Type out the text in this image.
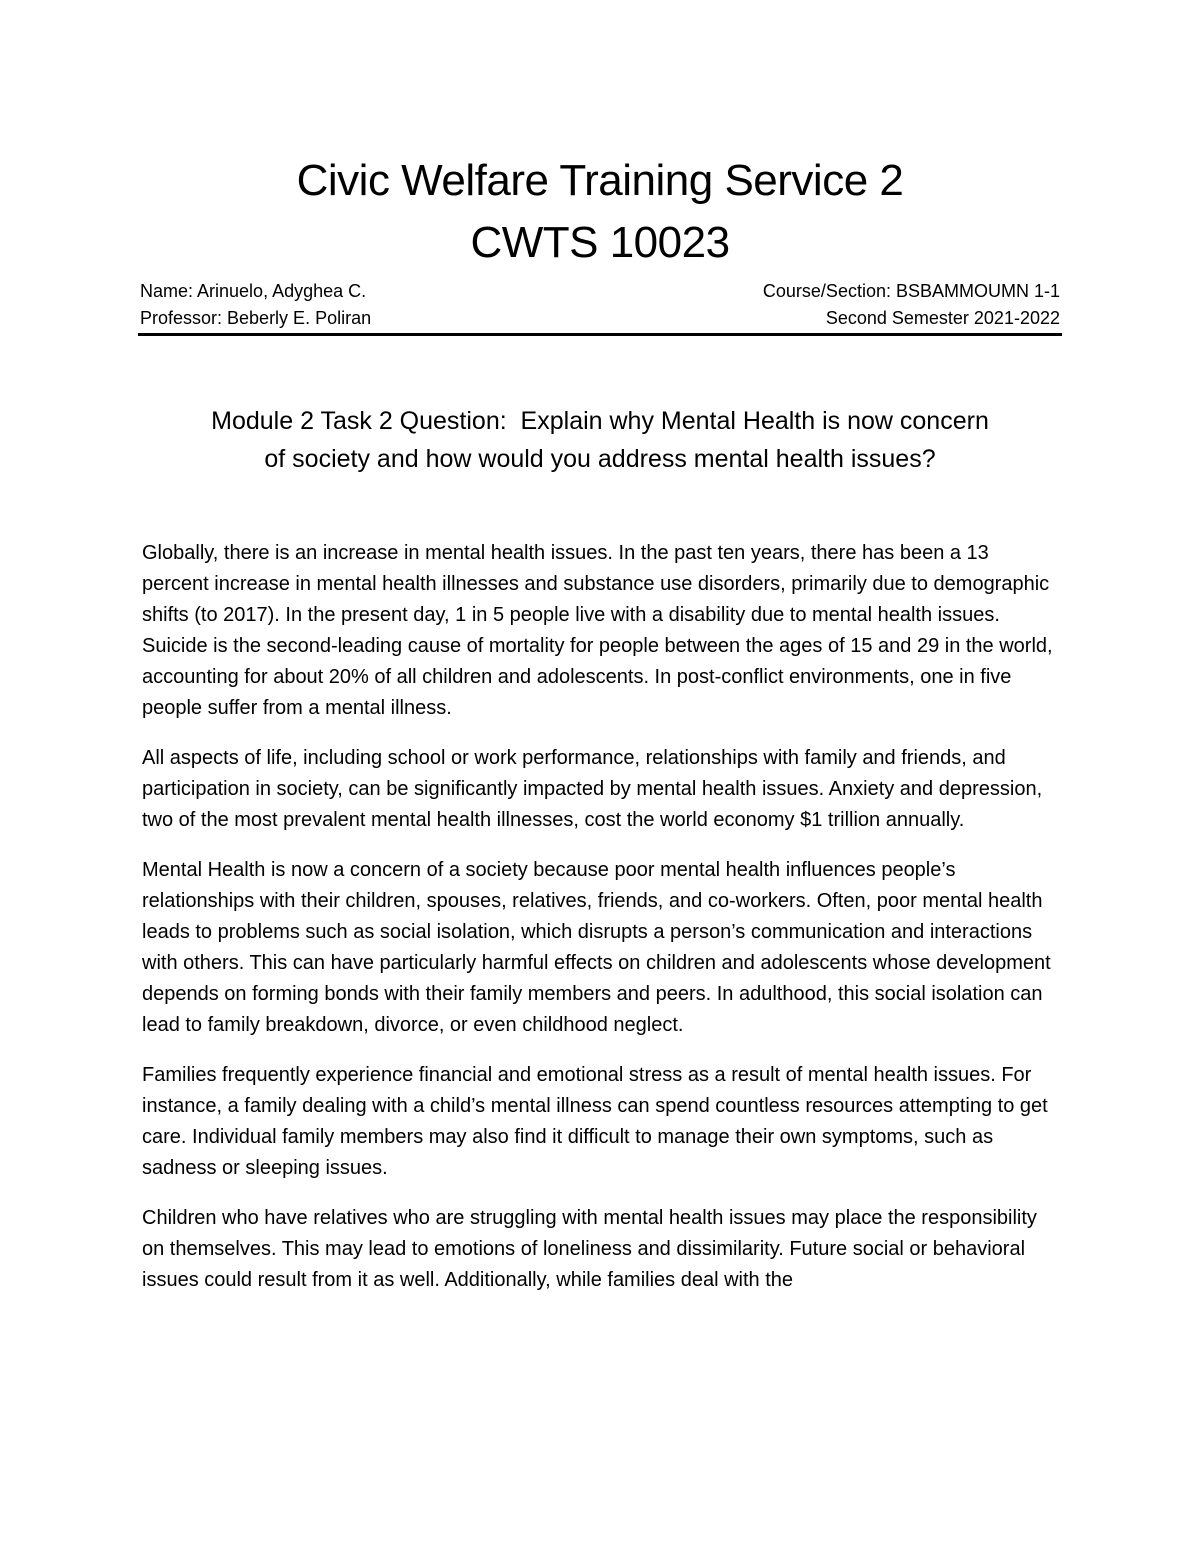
Civic Welfare Training Service 2
CWTS 10023
Name: Arinuelo, Adyghea C.	Course/Section: BSBAMMOUMN 1-1
Professor: Beberly E. Poliran	Second Semester 2021-2022
Module 2 Task 2 Question:  Explain why Mental Health is now concern
of society and how would you address mental health issues?

Globally, there is an increase in mental health issues. In the past ten years, there has been a 13 percent increase in mental health illnesses and substance use disorders, primarily due to demographic shifts (to 2017). In the present day, 1 in 5 people live with a disability due to mental health issues. Suicide is the second-leading cause of mortality for people between the ages of 15 and 29 in the world, accounting for about 20% of all children and adolescents. In post-conflict environments, one in five people suffer from a mental illness.

All aspects of life, including school or work performance, relationships with family and friends, and participation in society, can be significantly impacted by mental health issues. Anxiety and depression, two of the most prevalent mental health illnesses, cost the world economy $1 trillion annually.

Mental Health is now a concern of a society because poor mental health influences people’s relationships with their children, spouses, relatives, friends, and co-workers. Often, poor mental health leads to problems such as social isolation, which disrupts a person’s communication and interactions with others. This can have particularly harmful effects on children and adolescents whose development depends on forming bonds with their family members and peers. In adulthood, this social isolation can lead to family breakdown, divorce, or even childhood neglect.

Families frequently experience financial and emotional stress as a result of mental health issues. For instance, a family dealing with a child’s mental illness can spend countless resources attempting to get care. Individual family members may also find it difficult to manage their own symptoms, such as sadness or sleeping issues.

Children who have relatives who are struggling with mental health issues may place the responsibility on themselves. This may lead to emotions of loneliness and dissimilarity. Future social or behavioral issues could result from it as well. Additionally, while families deal with the
